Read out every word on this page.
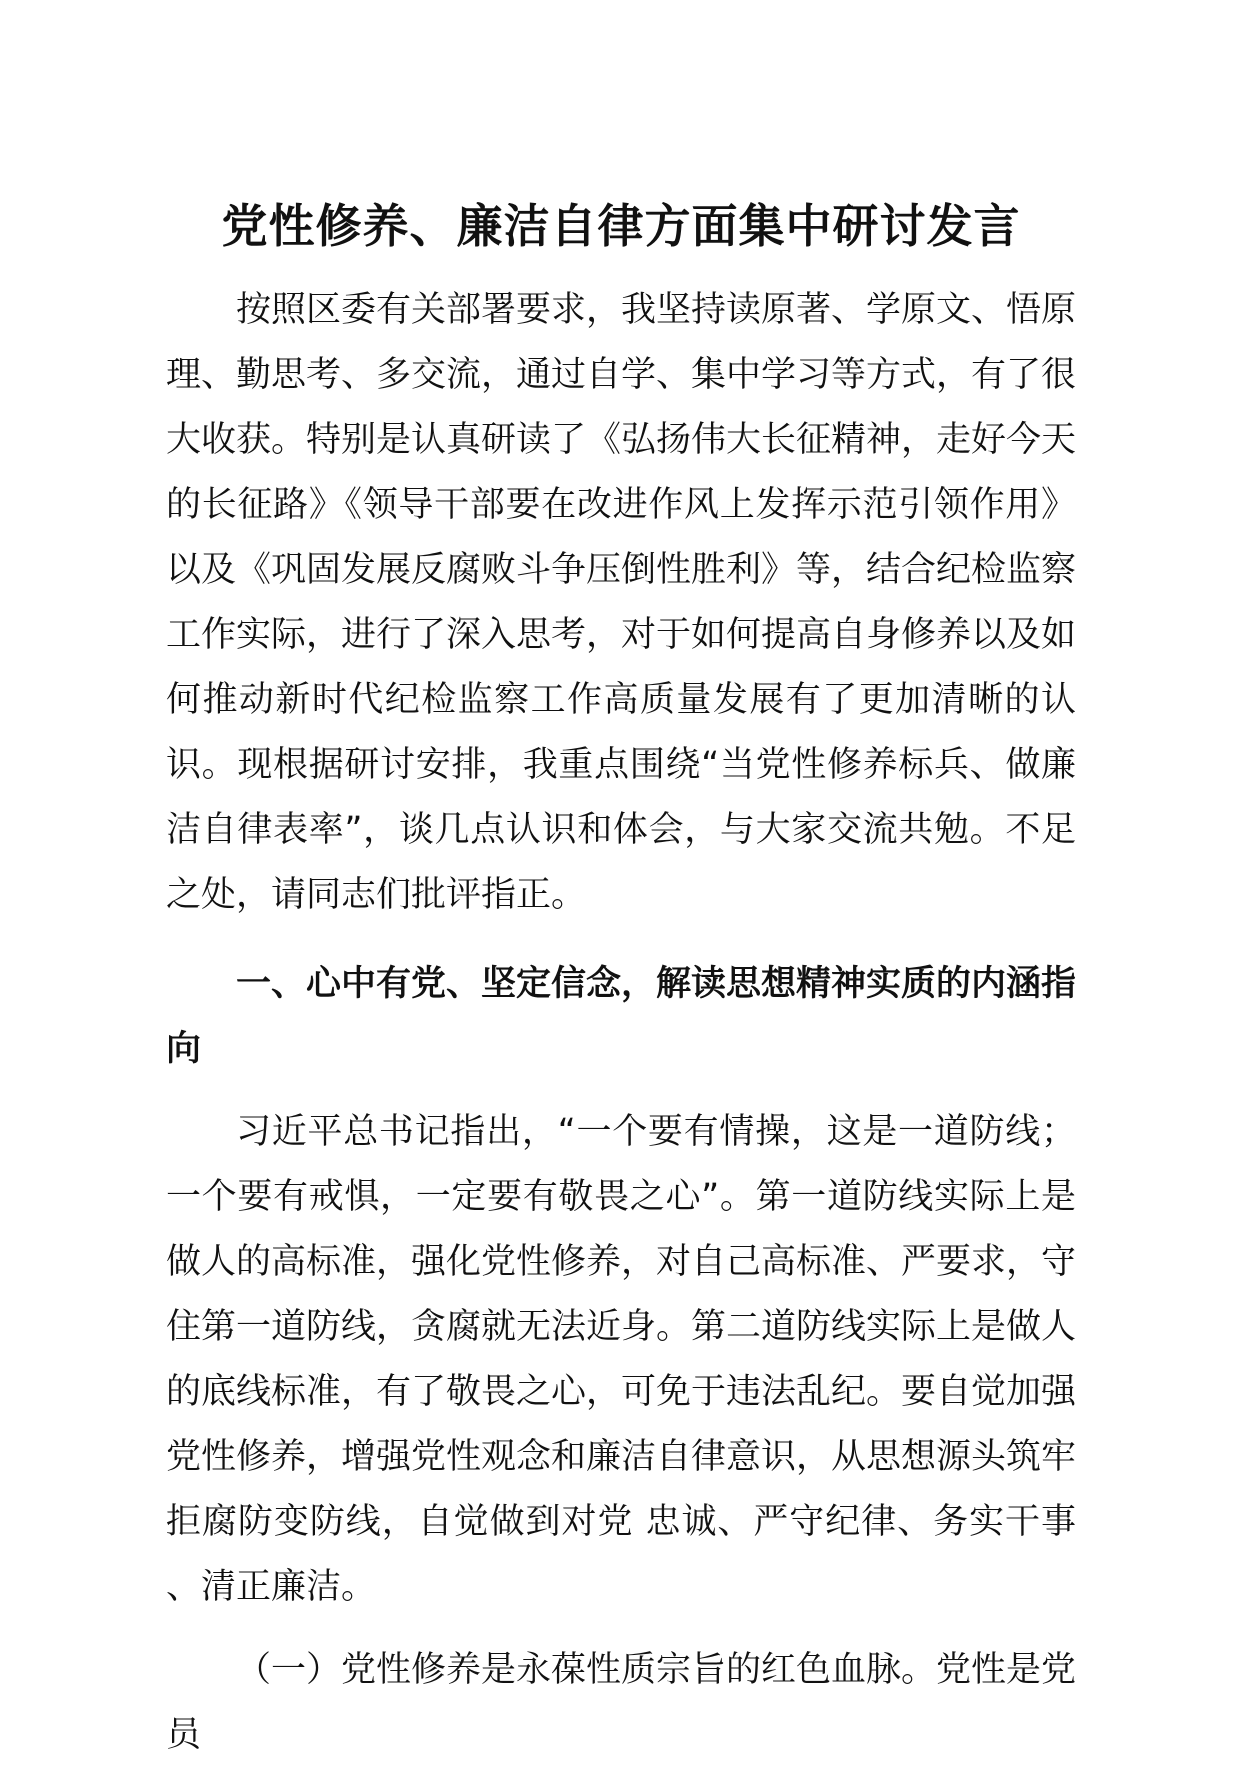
党性修养、廉洁自律方面集中研讨发言

按照区委有关部署要求，我坚持读原著、学原文、悟原理、勤思考、多交流，通过自学、集中学习等方式，有了很大收获。特别是认真研读了《弘扬伟大长征精神，走好今天的长征路》《领导干部要在改进作风上发挥示范引领作用》以及《巩固发展反腐败斗争压倒性胜利》等，结合纪检监察工作实际，进行了深入思考，对于如何提高自身修养以及如何推动新时代纪检监察工作高质量发展有了更加清晰的认识。现根据研讨安排，我重点围绕“当党性修养标兵、做廉洁自律表率”，谈几点认识和体会，与大家交流共勉。不足之处，请同志们批评指正。

一、心中有党、坚定信念，解读思想精神实质的内涵指向

习近平总书记指出，“一个要有情操，这是一道防线；一个要有戒惧，一定要有敬畏之心”。第一道防线实际上是做人的高标准，强化党性修养，对自己高标准、严要求，守住第一道防线，贪腐就无法近身。第二道防线实际上是做人的底线标准，有了敬畏之心，可免于违法乱纪。要自觉加强党性修养，增强党性观念和廉洁自律意识，从思想源头筑牢拒腐防变防线，自觉做到对党 忠诚、严守纪律、务实干事 、清正廉洁。

（一）党性修养是永葆性质宗旨的红色血脉。党性是党员
